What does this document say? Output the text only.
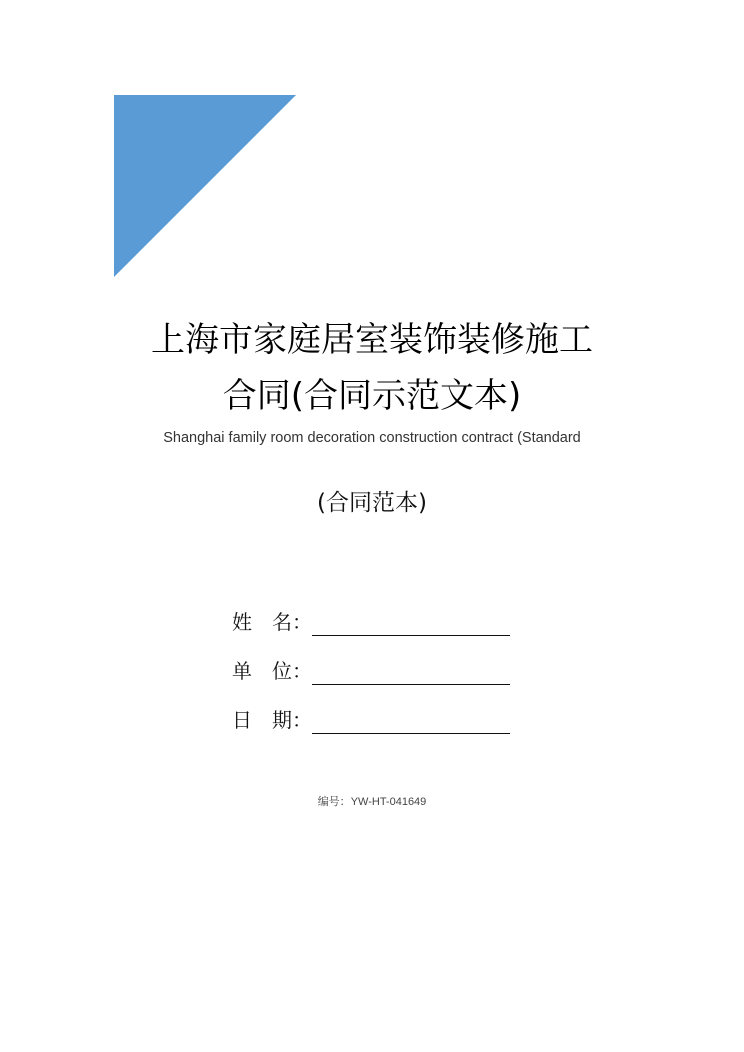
上海市家庭居室装饰装修施工
合同(合同示范文本)
Shanghai family room decoration construction contract (Standard
(合同范本)
姓　名：
单　位：
日　期：
编号：YW-HT-041649
